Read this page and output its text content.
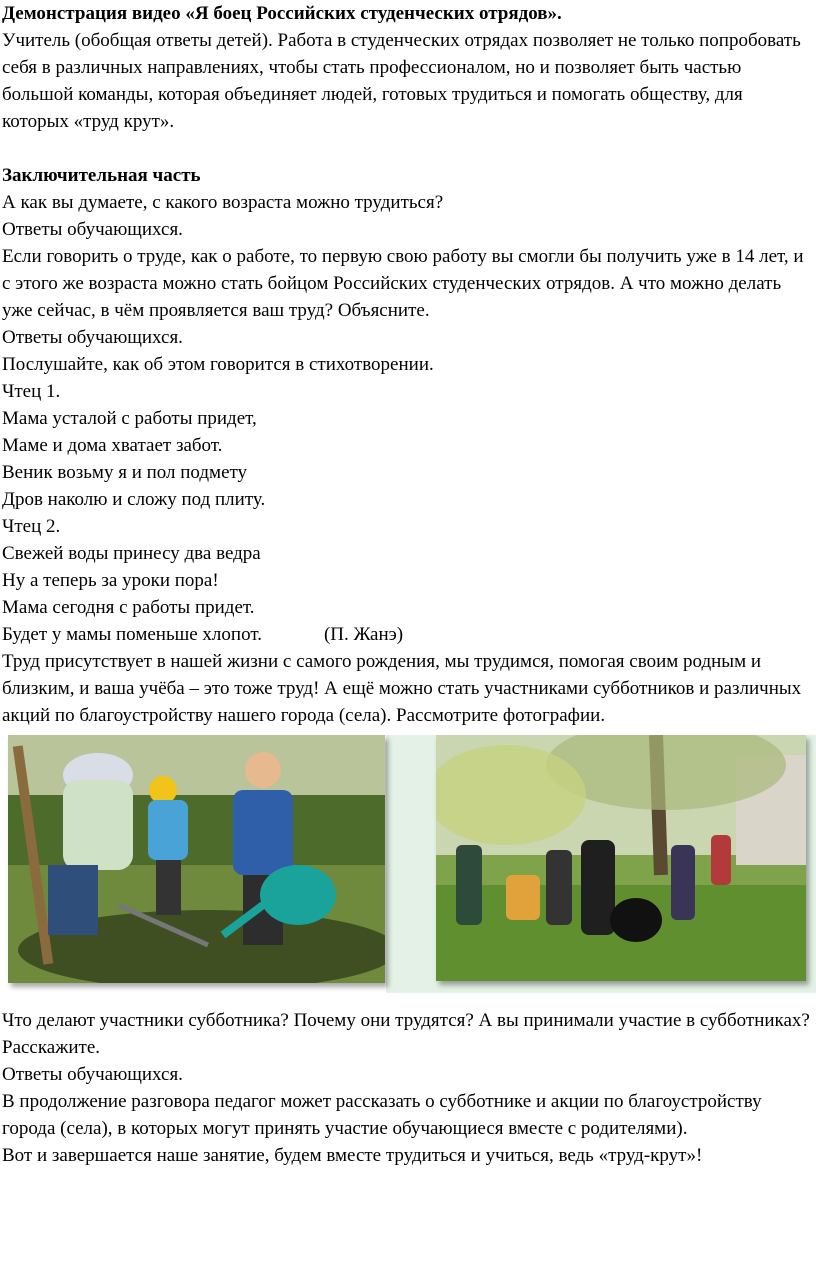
Демонстрация видео «Я боец Российских студенческих отрядов».

Учитель (обобщая ответы детей). Работа в студенческих отрядах позволяет не только попробовать себя в различных направлениях, чтобы стать профессионалом, но и позволяет быть частью большой команды, которая объединяет людей, готовых трудиться и помогать обществу, для которых «труд крут».

Заключительная часть

А как вы думаете, с какого возраста можно трудиться?

Ответы обучающихся.

Если говорить о труде, как о работе, то первую свою работу вы смогли бы получить уже в 14 лет, и с этого же возраста можно стать бойцом Российских студенческих отрядов. А что можно делать уже сейчас, в чём проявляется ваш труд? Объясните.

Ответы обучающихся.

Послушайте, как об этом говорится в стихотворении.

Чтец 1.

Мама усталой с работы придет,

Маме и дома хватает забот.

Веник возьму я и пол подмету

Дров наколю и сложу под плиту.

Чтец 2.

Свежей воды принесу два ведра

Ну а теперь за уроки пора!

Мама сегодня с работы придет.

Будет у мамы поменьше хлопот.	(П. Жанэ)

Труд присутствует в нашей жизни с самого рождения, мы трудимся, помогая своим родным и близким, и ваша учёба – это тоже труд! А ещё можно стать участниками субботников и различных акций по благоустройству нашего города (села). Рассмотрите фотографии.

Что делают участники субботника? Почему они трудятся? А вы принимали участие в субботниках? Расскажите.

Ответы обучающихся.

В продолжение разговора педагог может рассказать о субботнике и акции по благоустройству города (села), в которых могут принять участие обучающиеся вместе с родителями).

Вот и завершается наше занятие, будем вместе трудиться и учиться, ведь «труд-крут»!
